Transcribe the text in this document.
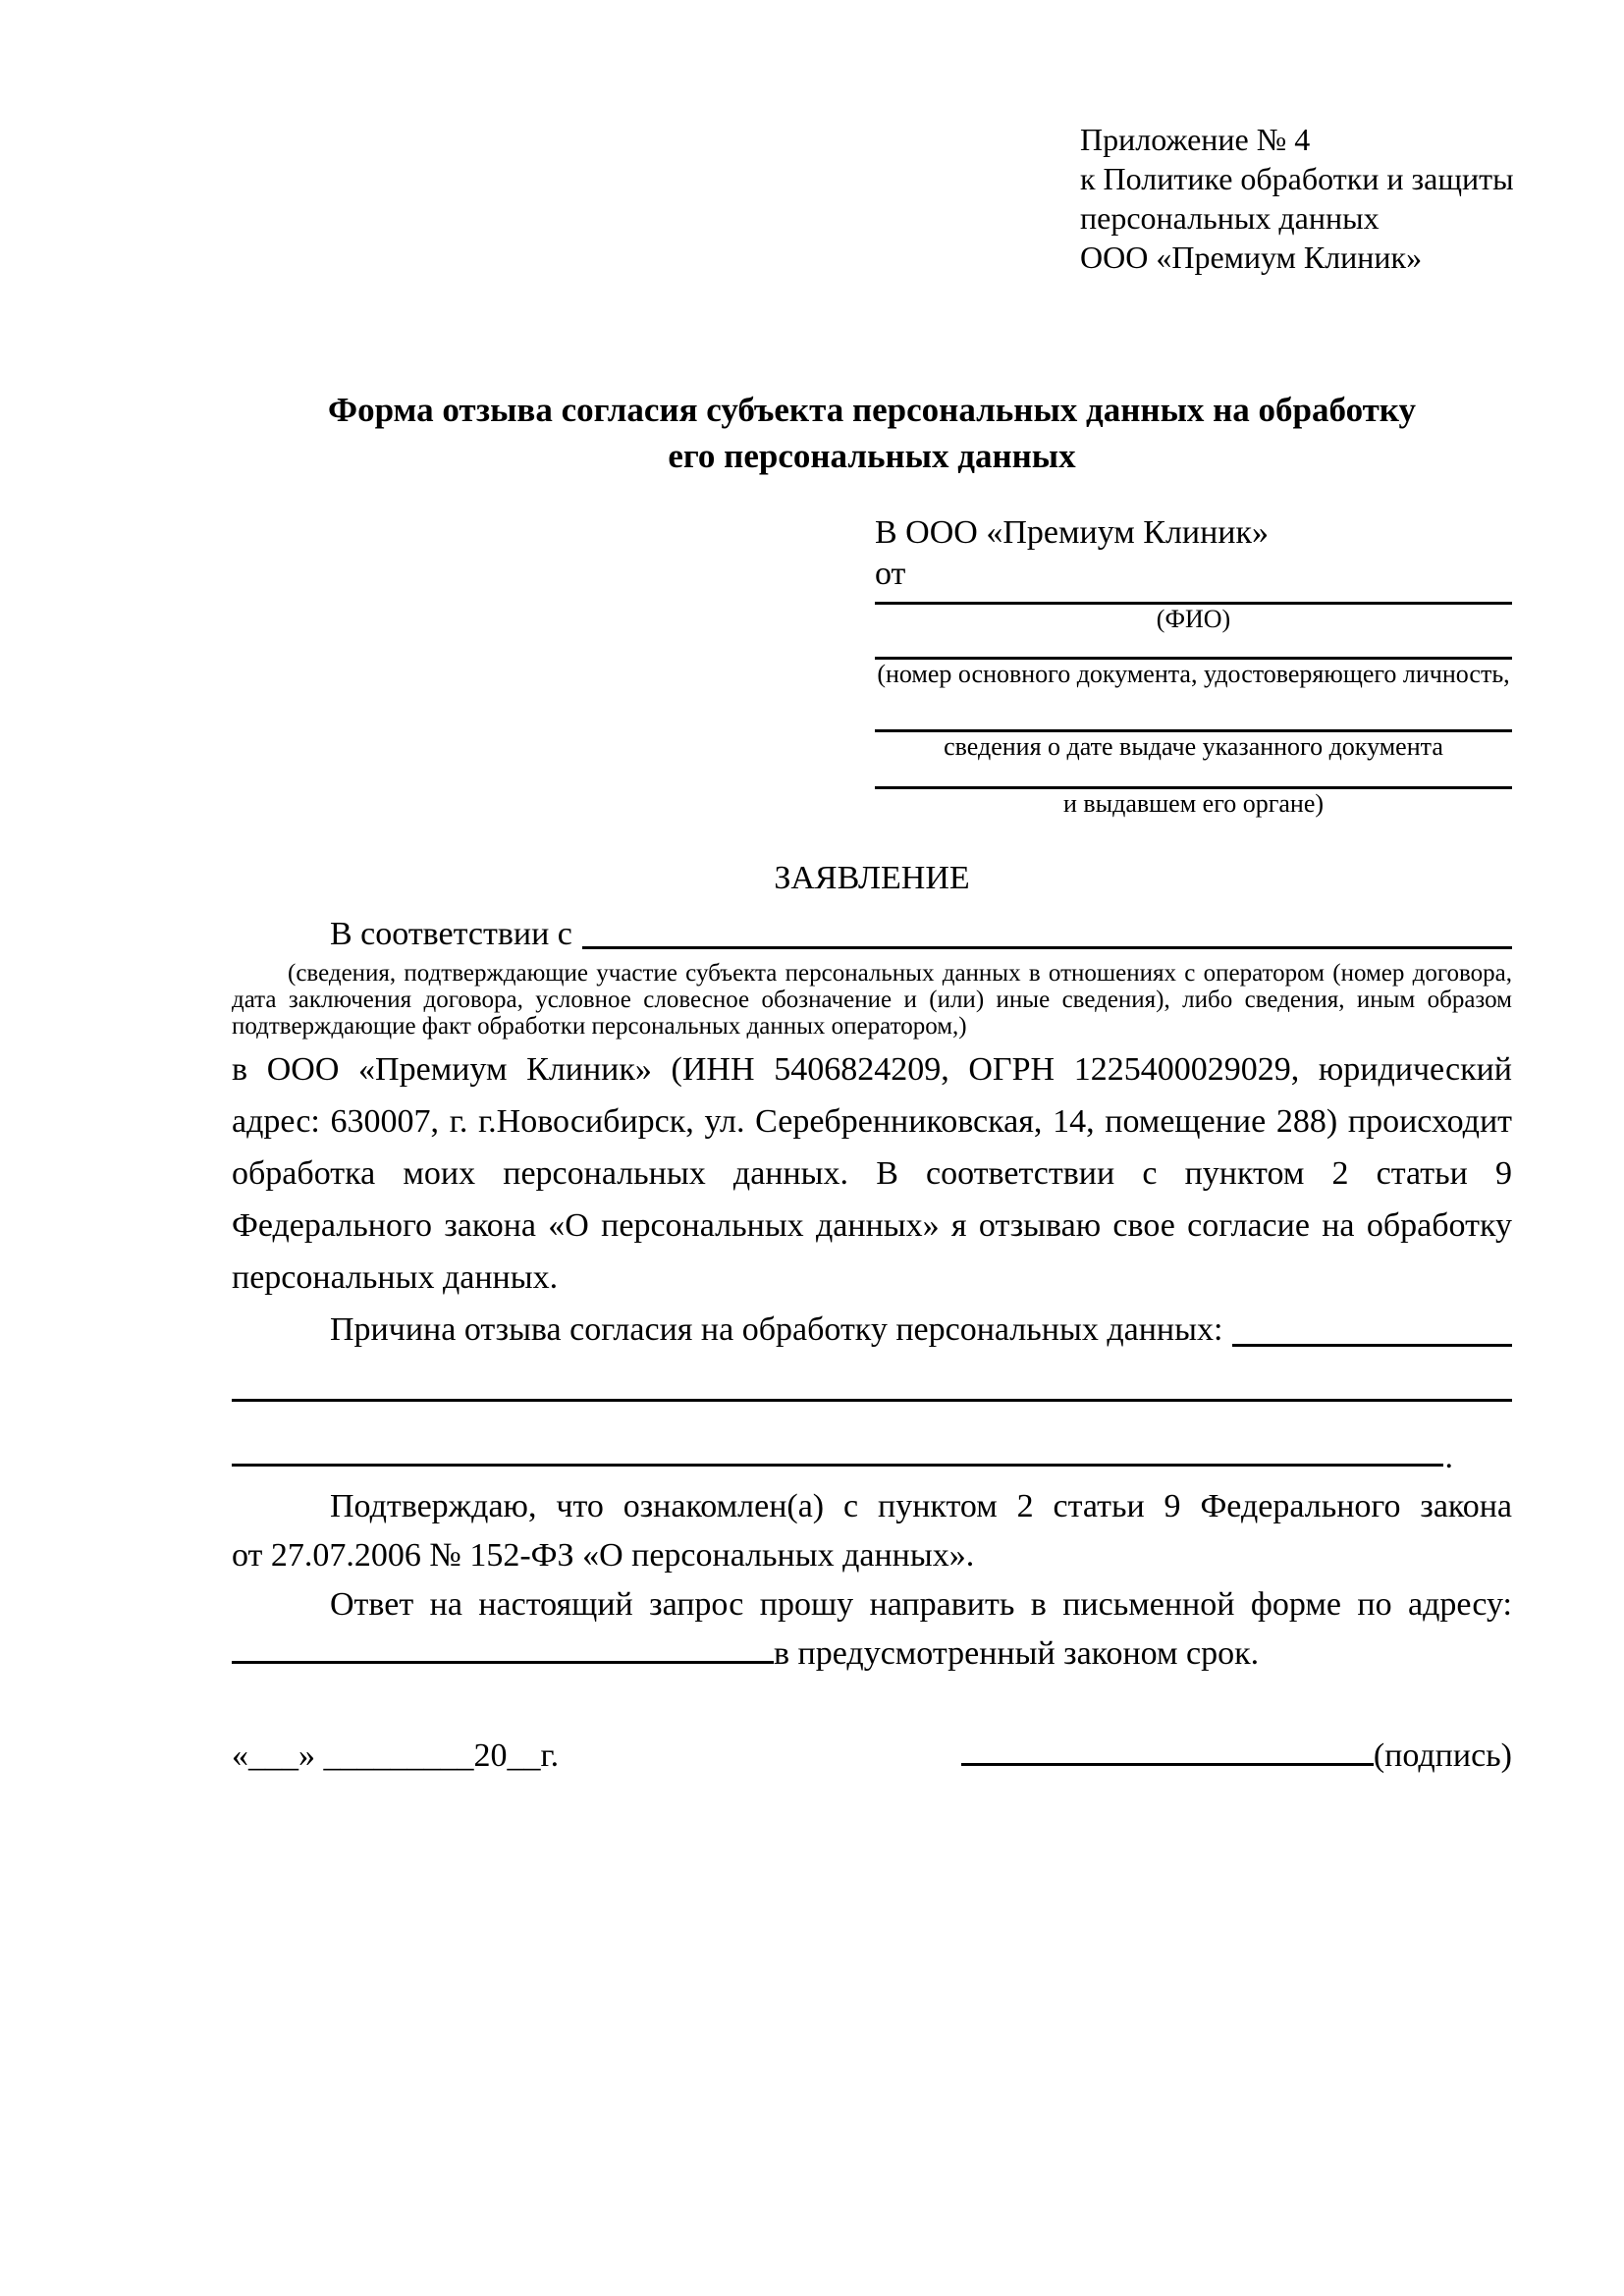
Приложение № 4
к Политике обработки и защиты
персональных данных
ООО «Премиум Клиник»
Форма отзыва согласия субъекта персональных данных на обработку
его персональных данных
В ООО «Премиум Клиник»
от
(ФИО)
(номер основного документа, удостоверяющего личность,
сведения о дате выдаче указанного документа
и выдавшем его органе)
ЗАЯВЛЕНИЕ
В соответствии с
(сведения, подтверждающие участие субъекта персональных данных в отношениях с оператором (номер договора, дата заключения договора, условное словесное обозначение и (или) иные сведения), либо сведения, иным образом подтверждающие факт обработки персональных данных оператором,)
в ООО «Премиум Клиник» (ИНН 5406824209, ОГРН 1225400029029, юридический адрес: 630007, г. г.Новосибирск, ул. Серебренниковская, 14, помещение 288) происходит обработка моих персональных данных. В соответствии с пунктом 2 статьи 9 Федерального закона «О персональных данных» я отзываю свое согласие на обработку персональных данных.
Причина отзыва согласия на обработку персональных данных:
.
Подтверждаю, что ознакомлен(а) с пунктом 2 статьи 9 Федерального закона
от 27.07.2006 № 152-ФЗ «О персональных данных».
Ответ на настоящий запрос прошу направить в письменной форме по адресу:
в предусмотренный законом срок.
«___» _________20__г.	(подпись)
